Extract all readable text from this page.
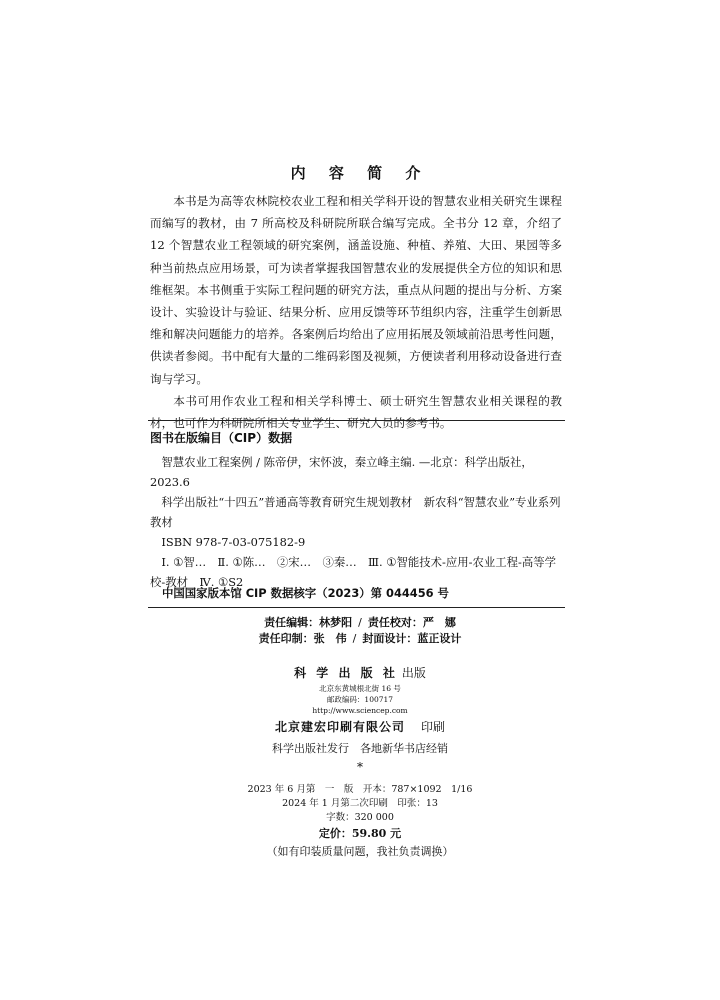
内 容 简 介

本书是为高等农林院校农业工程和相关学科开设的智慧农业相关研究生课程而编写的教材，由 7 所高校及科研院所联合编写完成。全书分 12 章，介绍了 12 个智慧农业工程领域的研究案例，涵盖设施、种植、养殖、大田、果园等多种当前热点应用场景，可为读者掌握我国智慧农业的发展提供全方位的知识和思维框架。本书侧重于实际工程问题的研究方法，重点从问题的提出与分析、方案设计、实验设计与验证、结果分析、应用反馈等环节组织内容，注重学生创新思维和解决问题能力的培养。各案例后均给出了应用拓展及领域前沿思考性问题，供读者参阅。书中配有大量的二维码彩图及视频，方便读者利用移动设备进行查询与学习。

本书可用作农业工程和相关学科博士、硕士研究生智慧农业相关课程的教材，也可作为科研院所相关专业学生、研究人员的参考书。

图书在版编目（CIP）数据

智慧农业工程案例 / 陈帝伊，宋怀波，秦立峰主编. —北京：科学出版社，2023.6

科学出版社“十四五”普通高等教育研究生规划教材　新农科“智慧农业”专业系列教材

ISBN 978-7-03-075182-9

Ⅰ. ①智…　Ⅱ. ①陈…　②宋…　③秦…　Ⅲ. ①智能技术-应用-农业工程-高等学校-教材　Ⅳ. ①S2

中国国家版本馆 CIP 数据核字（2023）第 044456 号
责任编辑：林梦阳 / 责任校对：严　娜
责任印制：张　伟 / 封面设计：蓝正设计
科 学 出 版 社 出版
北京东黄城根北街 16 号
邮政编码：100717
http://www.sciencep.com
北京建宏印刷有限公司 印刷
科学出版社发行　各地新华书店经销
*
2023 年 6 月第　一　版　开本：787×1092　1/16
2024 年 1 月第二次印刷　印张：13
字数：320 000
定价：59.80 元
（如有印装质量问题，我社负责调换）
